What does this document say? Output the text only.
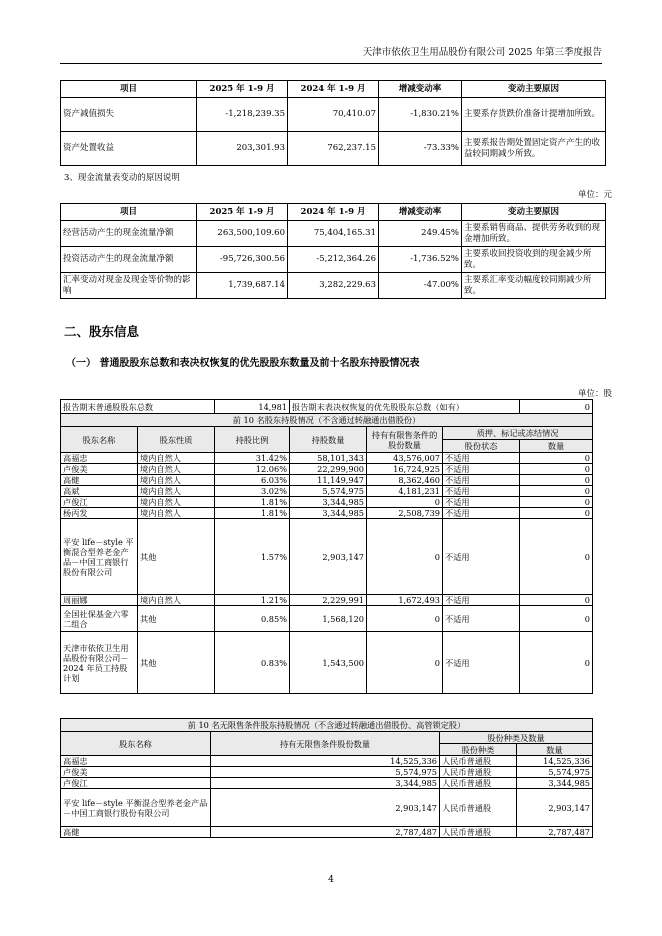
天津市依依卫生用品股份有限公司 2025 年第三季度报告
项目	2025 年 1-9 月	2024 年 1-9 月	增减变动率	变动主要原因
资产减值损失	-1,218,239.35	70,410.07	-1,830.21%	主要系存货跌价准备计提增加所致。
资产处置收益	203,301.93	762,237.15	-73.33%	主要系报告期处置固定资产产生的收益较同期减少所致。
3、现金流量表变动的原因说明
单位：元
项目	2025 年 1-9 月	2024 年 1-9 月	增减变动率	变动主要原因
经营活动产生的现金流量净额	263,500,109.60	75,404,165.31	249.45%	主要系销售商品、提供劳务收到的现金增加所致。
投资活动产生的现金流量净额	-95,726,300.56	-5,212,364.26	-1,736.52%	主要系收回投资收到的现金减少所致。
汇率变动对现金及现金等价物的影响	1,739,687.14	3,282,229.63	-47.00%	主要系汇率变动幅度较同期减少所致。
二、股东信息
（一） 普通股股东总数和表决权恢复的优先股股东数量及前十名股东持股情况表
单位：股
报告期末普通股股东总数		14,981	报告期末表决权恢复的优先股股东总数（如有）			0
前 10 名股东持股情况（不含通过转融通出借股份）						
股东名称	股东性质	持股比例	持股数量	持有有限售条件的股份数量	质押、标记或冻结情况	
					股份状态	数量
高福忠	境内自然人	31.42%	58,101,343	43,576,007	不适用	0
卢俊美	境内自然人	12.06%	22,299,900	16,724,925	不适用	0
高健	境内自然人	6.03%	11,149,947	8,362,460	不适用	0
高斌	境内自然人	3.02%	5,574,975	4,181,231	不适用	0
卢俊江	境内自然人	1.81%	3,344,985	0	不适用	0
杨丙发	境内自然人	1.81%	3,344,985	2,508,739	不适用	0
平安 life－style 平衡混合型养老金产品－中国工商银行股份有限公司	其他	1.57%	2,903,147	0	不适用	0
周丽娜	境内自然人	1.21%	2,229,991	1,672,493	不适用	0
全国社保基金六零二组合	其他	0.85%	1,568,120	0	不适用	0
天津市依依卫生用品股份有限公司－2024 年员工持股计划	其他	0.83%	1,543,500	0	不适用	0
前 10 名无限售条件股东持股情况（不含通过转融通出借股份、高管锁定股）			
股东名称	持有无限售条件股份数量	股份种类及数量	
		股份种类	数量
高福忠	14,525,336	人民币普通股	14,525,336
卢俊美	5,574,975	人民币普通股	5,574,975
卢俊江	3,344,985	人民币普通股	3,344,985
平安 life－style 平衡混合型养老金产品－中国工商银行股份有限公司	2,903,147	人民币普通股	2,903,147
高健	2,787,487	人民币普通股	2,787,487
4
